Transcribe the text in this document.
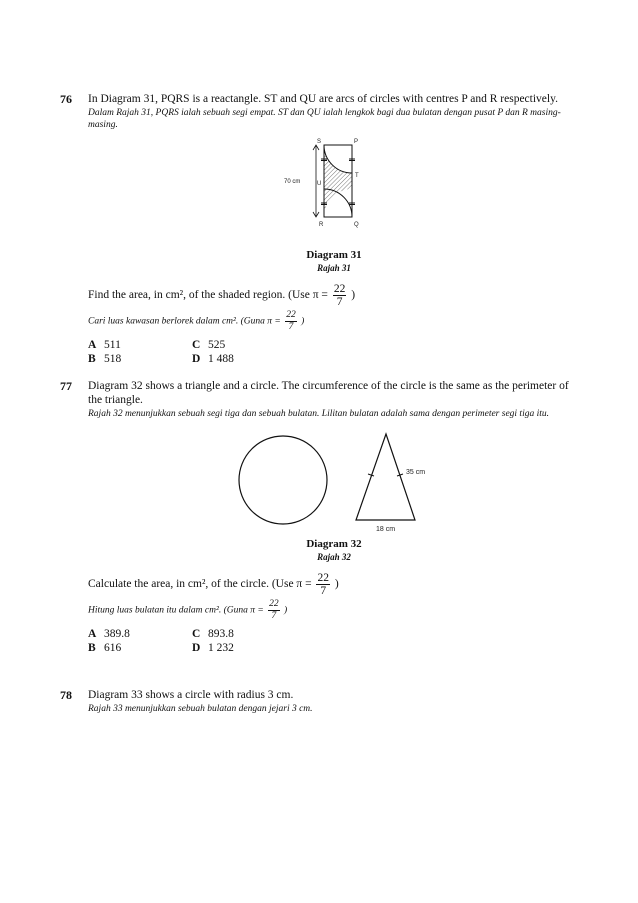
76 In Diagram 31, PQRS is a reactangle. ST and QU are arcs of circles with centres P and R respectively.
Dalam Rajah 31, PQRS ialah sebuah segi empat. ST dan QU ialah lengkok bagi dua bulatan dengan pusat P dan R masing-masing.
70 cm
S	P
U
T
R	Q
Diagram 31
Rajah 31
Find the area, in cm², of the shaded region. (Use $\pi = \frac{22}{7}$ )
Cari luas kawasan berlorek dalam cm². (Guna $\pi = \frac{22}{7}$ )
A 511	C 525
B 518	D 1 488
77 Diagram 32 shows a triangle and a circle. The circumference of the circle is the same as the perimeter of the triangle.
Rajah 32 menunjukkan sebuah segi tiga dan sebuah bulatan. Lilitan bulatan adalah sama dengan perimeter segi tiga itu.
35 cm
18 cm
Diagram 32
Rajah 32
Calculate the area, in cm², of the circle. (Use $\pi = \frac{22}{7}$ )
Hitung luas bulatan itu dalam cm². (Guna $\pi = \frac{22}{7}$ )
A 389.8	C 893.8
B 616	D 1 232
78 Diagram 33 shows a circle with radius 3 cm.
Rajah 33 menunjukkan sebuah bulatan dengan jejari 3 cm.
